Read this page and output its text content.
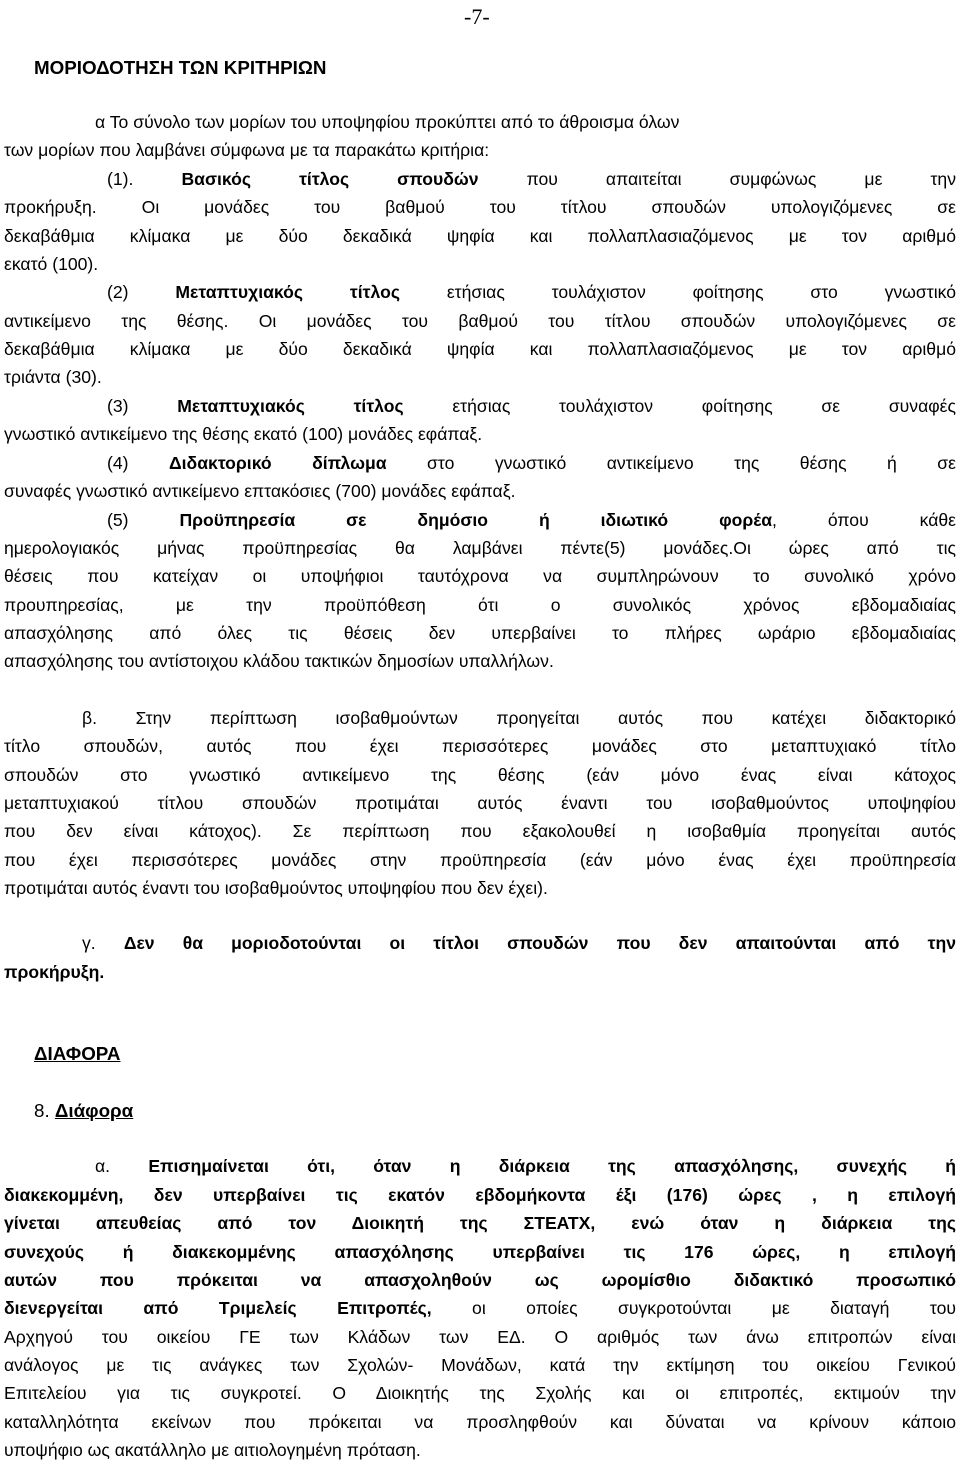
-7-
ΜΟΡΙΟΔΟΤΗΣΗ ΤΩΝ ΚΡΙΤΗΡΙΩΝ
α Το σύνολο των μορίων του υποψηφίου προκύπτει από το άθροισμα όλων
των μορίων που λαμβάνει σύμφωνα με τα παρακάτω κριτήρια:
(1). Βασικός τίτλος σπουδών που απαιτείται συμφώνως με την
προκήρυξη. Οι μονάδες του βαθμού του τίτλου σπουδών υπολογιζόμενες σε
δεκαβάθμια κλίμακα με δύο δεκαδικά ψηφία και πολλαπλασιαζόμενος με τον αριθμό
εκατό (100).
(2) Μεταπτυχιακός τίτλος ετήσιας τουλάχιστον φοίτησης στο γνωστικό
αντικείμενο της θέσης. Οι μονάδες του βαθμού του τίτλου σπουδών υπολογιζόμενες σε
δεκαβάθμια κλίμακα με δύο δεκαδικά ψηφία και πολλαπλασιαζόμενος με τον αριθμό
τριάντα (30).
(3) Μεταπτυχιακός τίτλος ετήσιας τουλάχιστον φοίτησης σε συναφές
γνωστικό αντικείμενο της θέσης εκατό (100) μονάδες εφάπαξ.
(4) Διδακτορικό δίπλωμα στο γνωστικό αντικείμενο της θέσης ή σε
συναφές γνωστικό αντικείμενο επτακόσιες (700) μονάδες εφάπαξ.
(5) Προϋπηρεσία σε δημόσιο ή ιδιωτικό φορέα, όπου κάθε
ημερολογιακός μήνας προϋπηρεσίας θα λαμβάνει πέντε(5) μονάδες.Οι ώρες από τις
θέσεις που κατείχαν οι υποψήφιοι ταυτόχρονα να συμπληρώνουν το συνολικό χρόνο
προυπηρεσίας, με την προϋπόθεση ότι ο συνολικός χρόνος εβδομαδιαίας
απασχόλησης από όλες τις θέσεις δεν υπερβαίνει το πλήρες ωράριο εβδομαδιαίας
απασχόλησης του αντίστοιχου κλάδου τακτικών δημοσίων υπαλλήλων.
β. Στην περίπτωση ισοβαθμούντων προηγείται αυτός που κατέχει διδακτορικό
τίτλο σπουδών, αυτός που έχει περισσότερες μονάδες στο μεταπτυχιακό τίτλο
σπουδών στο γνωστικό αντικείμενο της θέσης (εάν μόνο ένας είναι κάτοχος
μεταπτυχιακού τίτλου σπουδών προτιμάται αυτός έναντι του ισοβαθμούντος υποψηφίου
που δεν είναι κάτοχος). Σε περίπτωση που εξακολουθεί η ισοβαθμία προηγείται αυτός
που έχει περισσότερες μονάδες στην προϋπηρεσία (εάν μόνο ένας έχει προϋπηρεσία
προτιμάται αυτός έναντι του ισοβαθμούντος υποψηφίου που δεν έχει).
γ. Δεν θα μοριοδοτούνται οι τίτλοι σπουδών που δεν απαιτούνται από την
προκήρυξη.
ΔΙΑΦΟΡΑ
8. Διάφορα
α. Επισημαίνεται ότι, όταν η διάρκεια της απασχόλησης, συνεχής ή
διακεκομμένη, δεν υπερβαίνει τις εκατόν εβδομήκοντα έξι (176) ώρες , η επιλογή
γίνεται απευθείας από τον Διοικητή της ΣΤΕΑΤΧ, ενώ όταν η διάρκεια της
συνεχούς ή διακεκομμένης απασχόλησης υπερβαίνει τις 176 ώρες, η επιλογή
αυτών που πρόκειται να απασχοληθούν ως ωρομίσθιο διδακτικό προσωπικό
διενεργείται από Τριμελείς Επιτροπές, οι οποίες συγκροτούνται με διαταγή του
Αρχηγού του οικείου ΓΕ των Κλάδων των ΕΔ. Ο αριθμός των άνω επιτροπών είναι
ανάλογος με τις ανάγκες των Σχολών- Μονάδων, κατά την εκτίμηση του οικείου Γενικού
Επιτελείου για τις συγκροτεί. Ο Διοικητής της Σχολής και οι επιτροπές, εκτιμούν την
καταλληλότητα εκείνων που πρόκειται να προσληφθούν και δύναται να κρίνουν κάποιο
υποψήφιο ως ακατάλληλο με αιτιολογημένη πρόταση.
